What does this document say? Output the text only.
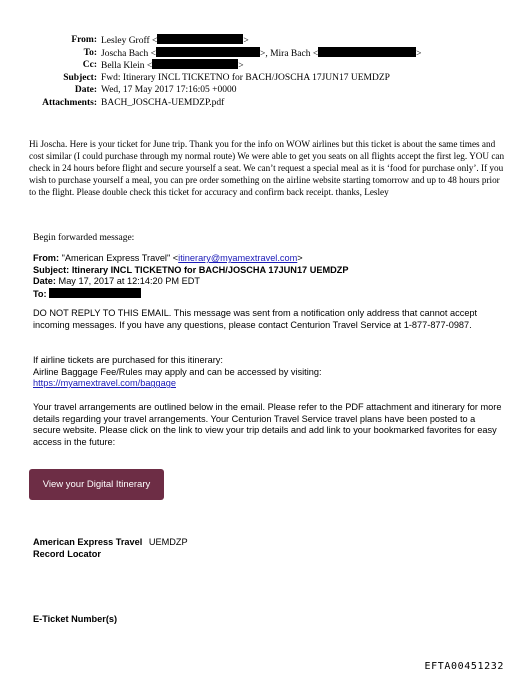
From: Lesley Groff <	>
To: Joscha Bach <	>, Mira Bach <	>
Cc: Bella Klein <	>
Subject: Fwd: Itinerary INCL TICKETNO for BACH/JOSCHA 17JUN17 UEMDZP
Date: Wed, 17 May 2017 17:16:05 +0000
Attachments: BACH_JOSCHA-UEMDZP.pdf
Hi Joscha. Here is your ticket for June trip. Thank you for the info on WOW airlines but this ticket is about the same times and cost similar (I could purchase through my normal route) We were able to get you seats on all flights accept the first leg. YOU can check in 24 hours before flight and secure yourself a seat. We can’t request a special meal as it is ‘food for purchase only’. If you wish to purchase yourself a meal, you can pre order something on the airline website starting tomorrow and up to 48 hours prior to the flight. Please double check this ticket for accuracy and confirm back receipt. thanks, Lesley
Begin forwarded message:
From: "American Express Travel" <itinerary@myamextravel.com>
Subject: Itinerary INCL TICKETNO for BACH/JOSCHA 17JUN17 UEMDZP
Date: May 17, 2017 at 12:14:20 PM EDT
To:
DO NOT REPLY TO THIS EMAIL. This message was sent from a notification only address that cannot accept incoming messages. If you have any questions, please contact Centurion Travel Service at 1-877-877-0987.
If airline tickets are purchased for this itinerary:
Airline Baggage Fee/Rules may apply and can be accessed by visiting:
https://myamextravel.com/baggage
Your travel arrangements are outlined below in the email. Please refer to the PDF attachment and itinerary for more details regarding your travel arrangements. Your Centurion Travel Service travel plans have been posted to a secure website. Please click on the link to view your trip details and add link to your bookmarked favorites for easy access in the future:
View your Digital Itinerary
American Express Travel UEMDZP
Record Locator
E-Ticket Number(s)
EFTA00451232
